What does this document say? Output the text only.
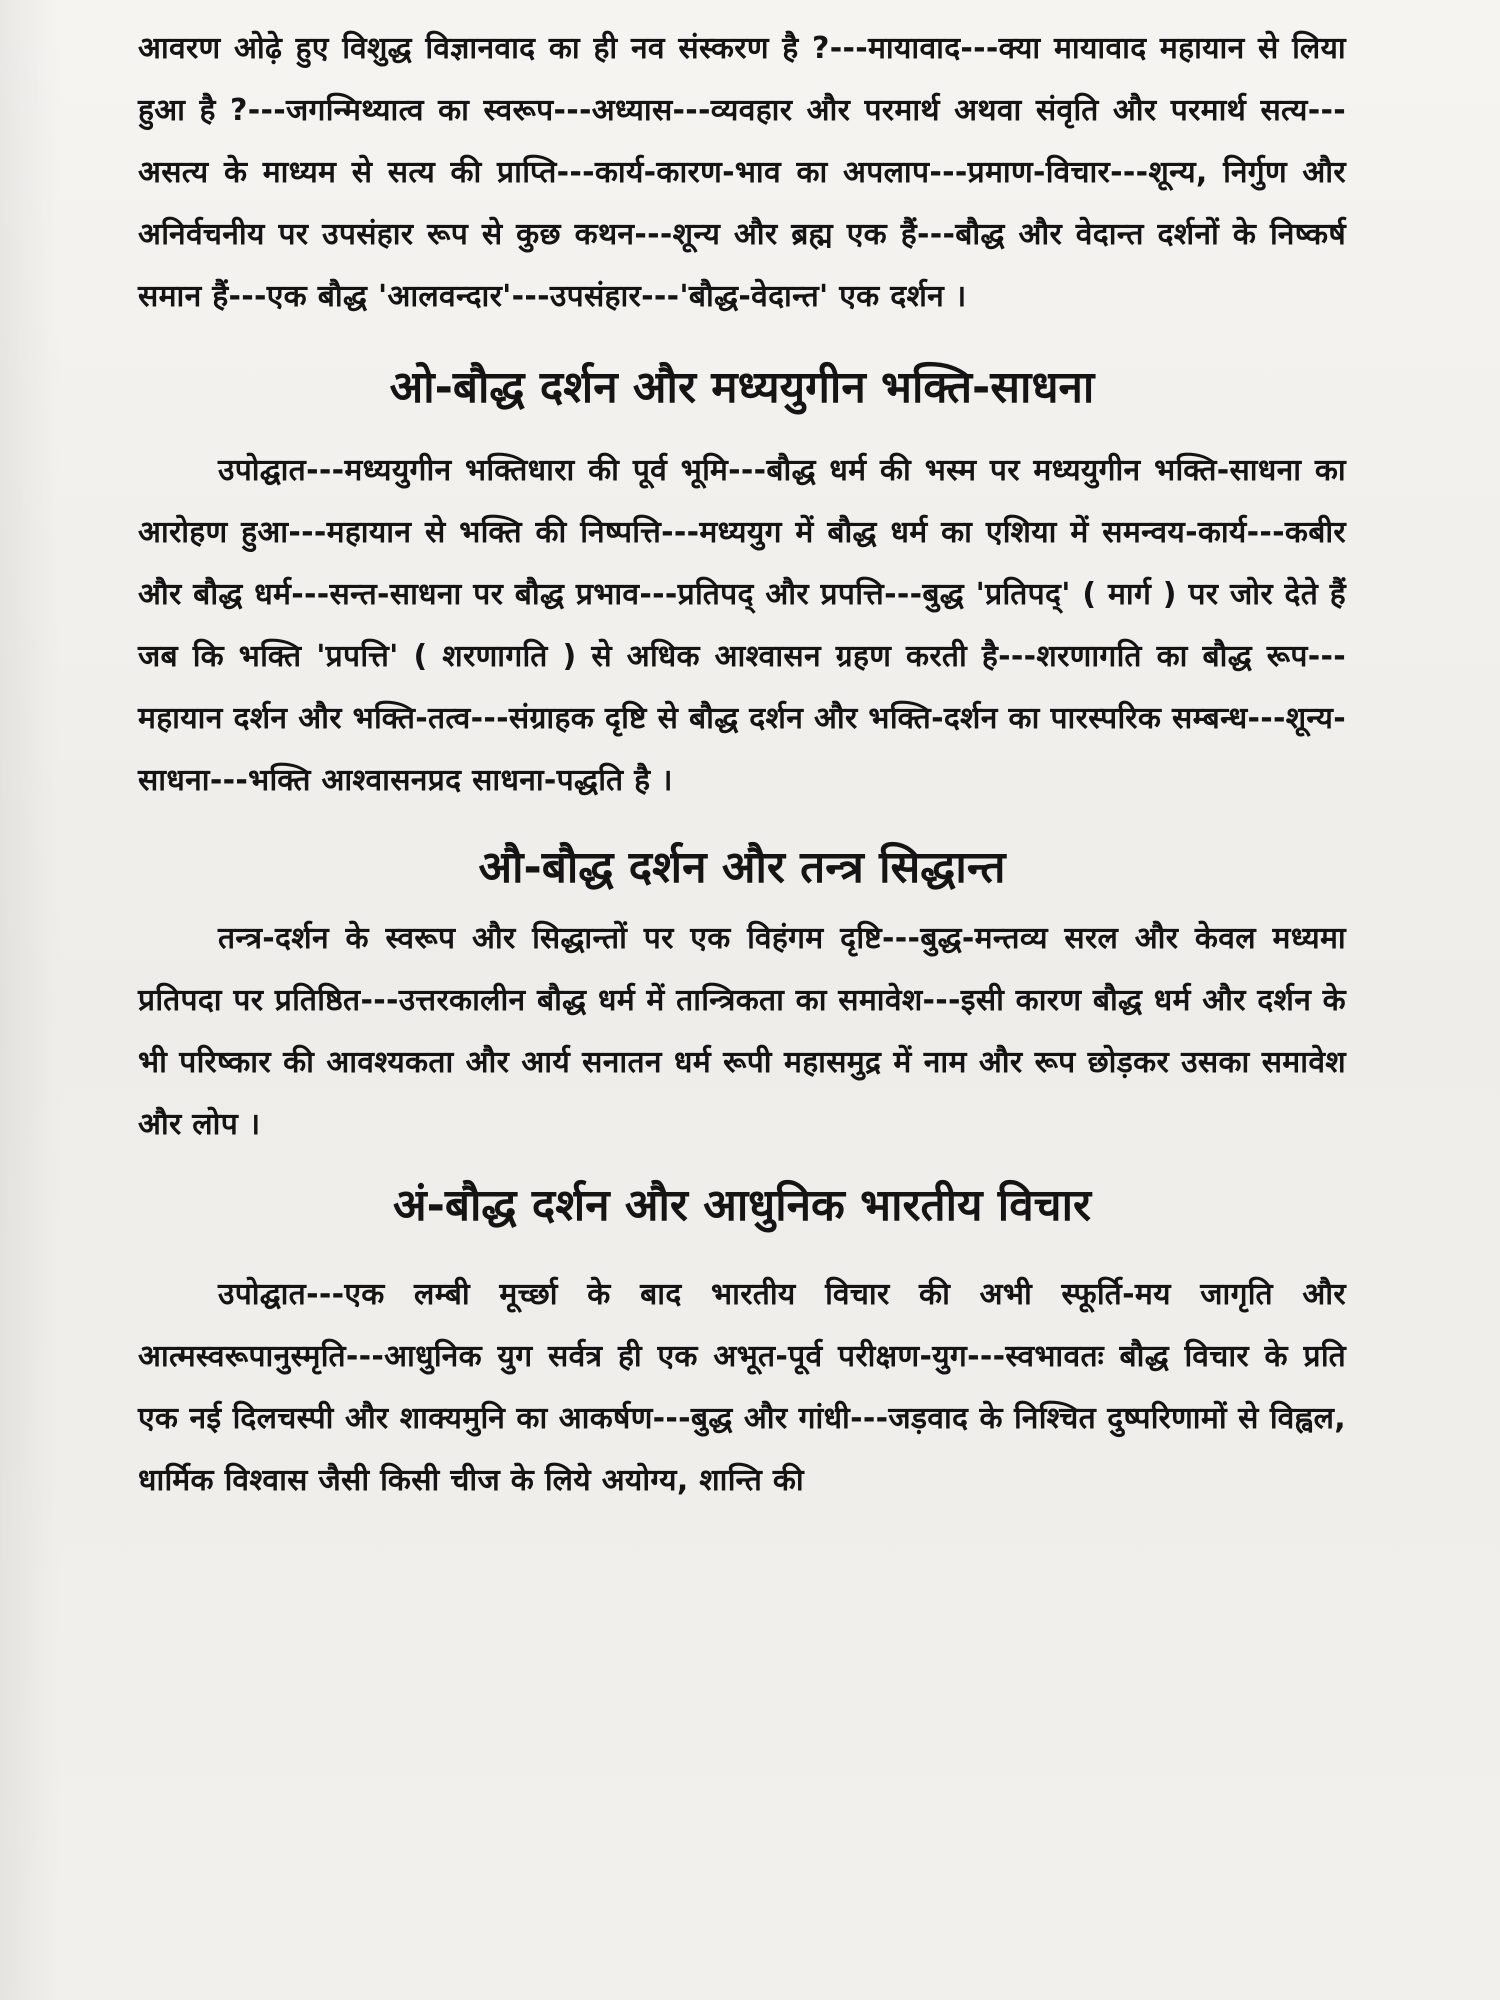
आवरण ओढ़े हुए विशुद्ध विज्ञानवाद का ही नव संस्करण है ?---मायावाद---क्या मायावाद महायान से लिया हुआ है ?---जगन्मिथ्यात्व का स्वरूप---अध्यास---व्यवहार और परमार्थ अथवा संवृति और परमार्थ सत्य---असत्य के माध्यम से सत्य की प्राप्ति---कार्य-कारण-भाव का अपलाप---प्रमाण-विचार---शून्य, निर्गुण और अनिर्वचनीय पर उपसंहार रूप से कुछ कथन---शून्य और ब्रह्म एक हैं---बौद्ध और वेदान्त दर्शनों के निष्कर्ष समान हैं---एक बौद्ध 'आलवन्दार'---उपसंहार---'बौद्ध-वेदान्त' एक दर्शन ।

ओ-बौद्ध दर्शन और मध्ययुगीन भक्ति-साधना

उपोद्घात---मध्ययुगीन भक्तिधारा की पूर्व भूमि---बौद्ध धर्म की भस्म पर मध्ययुगीन भक्ति-साधना का आरोहण हुआ---महायान से भक्ति की निष्पत्ति---मध्ययुग में बौद्ध धर्म का एशिया में समन्वय-कार्य---कबीर और बौद्ध धर्म---सन्त-साधना पर बौद्ध प्रभाव---प्रतिपद् और प्रपत्ति---बुद्ध 'प्रतिपद्' ( मार्ग ) पर जोर देते हैं जब कि भक्ति 'प्रपत्ति' ( शरणागति ) से अधिक आश्वासन ग्रहण करती है---शरणागति का बौद्ध रूप---महायान दर्शन और भक्ति-तत्व---संग्राहक दृष्टि से बौद्ध दर्शन और भक्ति-दर्शन का पारस्परिक सम्बन्ध---शून्य-साधना---भक्ति आश्वासनप्रद साधना-पद्धति है ।

औ-बौद्ध दर्शन और तन्त्र सिद्धान्त

तन्त्र-दर्शन के स्वरूप और सिद्धान्तों पर एक विहंगम दृष्टि---बुद्ध-मन्तव्य सरल और केवल मध्यमा प्रतिपदा पर प्रतिष्ठित---उत्तरकालीन बौद्ध धर्म में तान्त्रिकता का समावेश---इसी कारण बौद्ध धर्म और दर्शन के भी परिष्कार की आवश्यकता और आर्य सनातन धर्म रूपी महासमुद्र में नाम और रूप छोड़कर उसका समावेश और लोप ।

अं-बौद्ध दर्शन और आधुनिक भारतीय विचार

उपोद्घात---एक लम्बी मूर्च्छा के बाद भारतीय विचार की अभी स्फूर्ति-मय जागृति और आत्मस्वरूपानुस्मृति---आधुनिक युग सर्वत्र ही एक अभूत-पूर्व परीक्षण-युग---स्वभावतः बौद्ध विचार के प्रति एक नई दिलचस्पी और शाक्यमुनि का आकर्षण---बुद्ध और गांधी---जड़वाद के निश्चित दुष्परिणामों से विह्वल, धार्मिक विश्वास जैसी किसी चीज के लिये अयोग्य, शान्ति की
